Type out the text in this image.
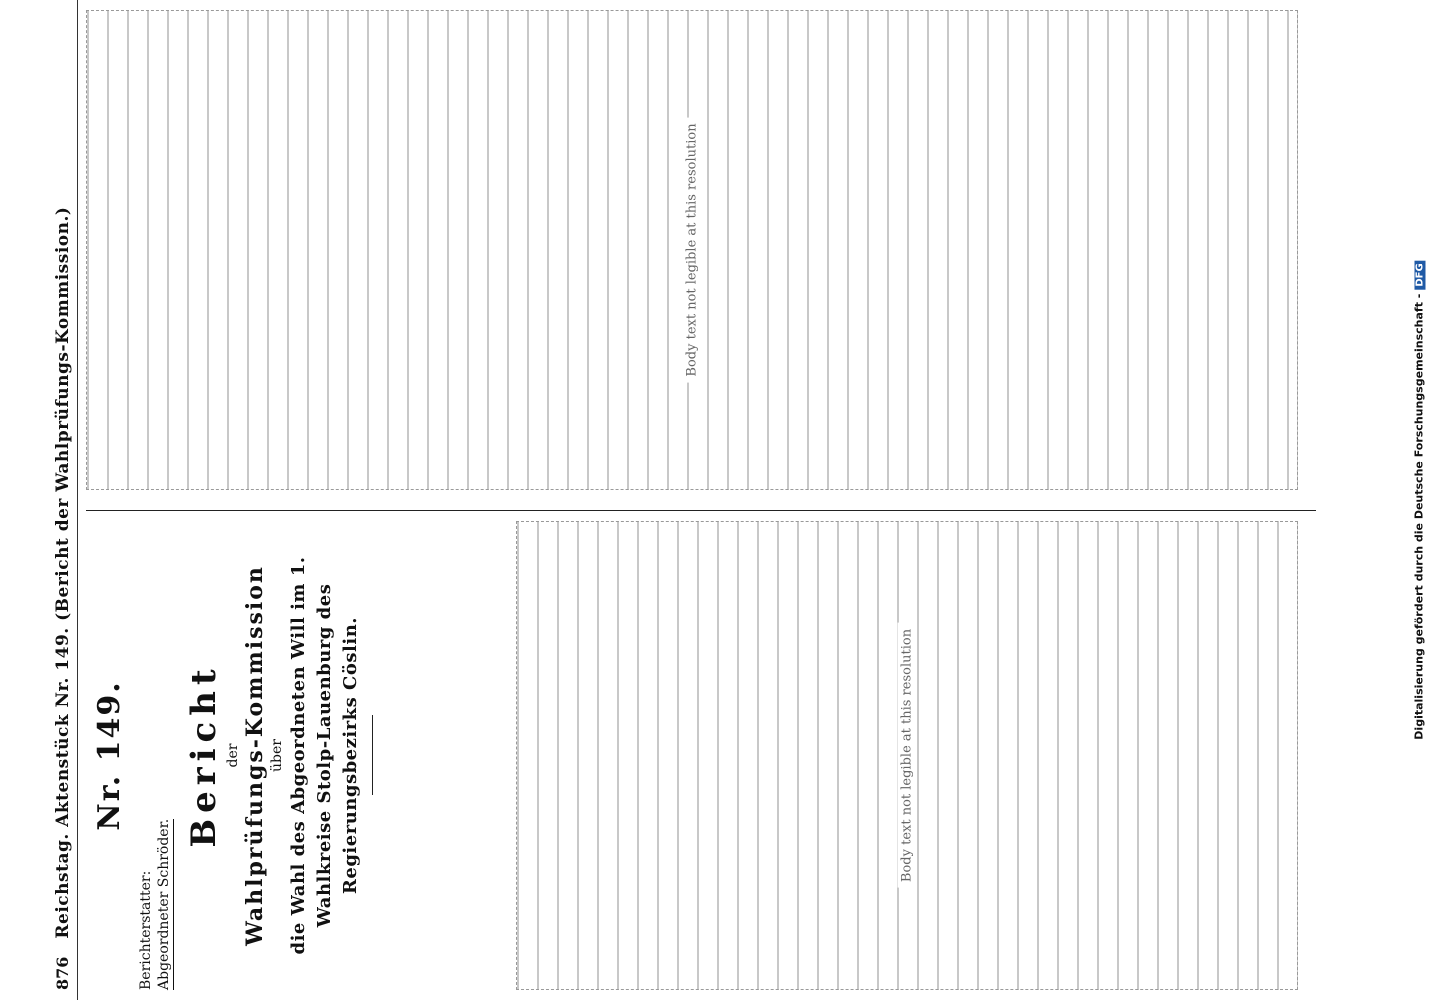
876
Reichstag. Aktenstück Nr. 149. (Bericht der Wahlprüfungs-Kommission.) Nr. 149.
Berichterstatter: Abgeordneter Schröder.
Bericht der Wahlprüfungs-Kommission über die Wahl des Abgeordneten Will im 1. Wahlkreise Stolp-Lauenburg des Regierungsbezirks Cöslin.	Body text not legible at this resolution
Body text not legible at this resolution
Digitalisierung gefördert durch die Deutsche Forschungsgemeinschaft -DFG
